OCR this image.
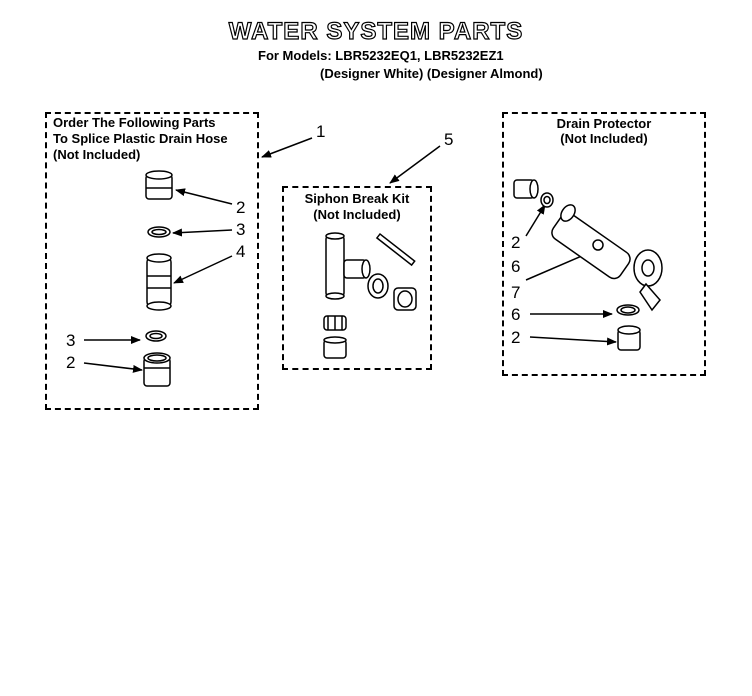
WATER SYSTEM PARTS
For Models: LBR5232EQ1, LBR5232EZ1
(Designer White) (Designer Almond)
Order The Following Parts
To Splice Plastic Drain Hose
(Not Included)
Siphon Break Kit
(Not Included)
Drain Protector
(Not Included)
1
2
3
4
3
2
5
2
6
7
6
2
